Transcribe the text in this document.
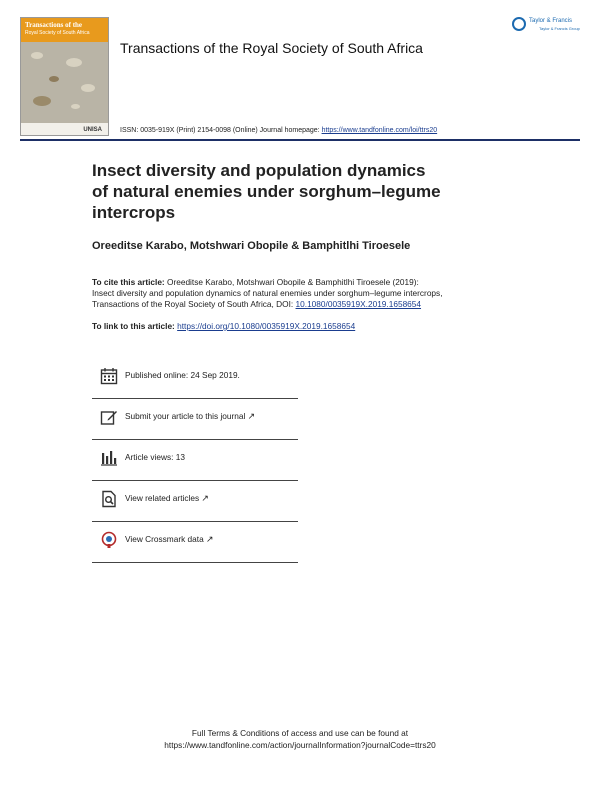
Transactions of the
Royal Society of South Africa
UNISA
Transactions of the Royal Society of South Africa
Taylor & Francis
Taylor & Francis Group
ISSN: 0035-919X (Print) 2154-0098 (Online) Journal homepage: https://www.tandfonline.com/loi/ttrs20
Insect diversity and population dynamics
of natural enemies under sorghum–legume
intercrops
Oreeditse Karabo, Motshwari Obopile & Bamphitlhi Tiroesele
To cite this article: Oreeditse Karabo, Motshwari Obopile & Bamphitlhi Tiroesele (2019):
Insect diversity and population dynamics of natural enemies under sorghum–legume intercrops,
Transactions of the Royal Society of South Africa, DOI: 10.1080/0035919X.2019.1658654
To link to this article: https://doi.org/10.1080/0035919X.2019.1658654
Published online: 24 Sep 2019.
Submit your article to this journal ↗
Article views: 13
View related articles ↗
View Crossmark data ↗
Full Terms & Conditions of access and use can be found at
https://www.tandfonline.com/action/journalInformation?journalCode=ttrs20
